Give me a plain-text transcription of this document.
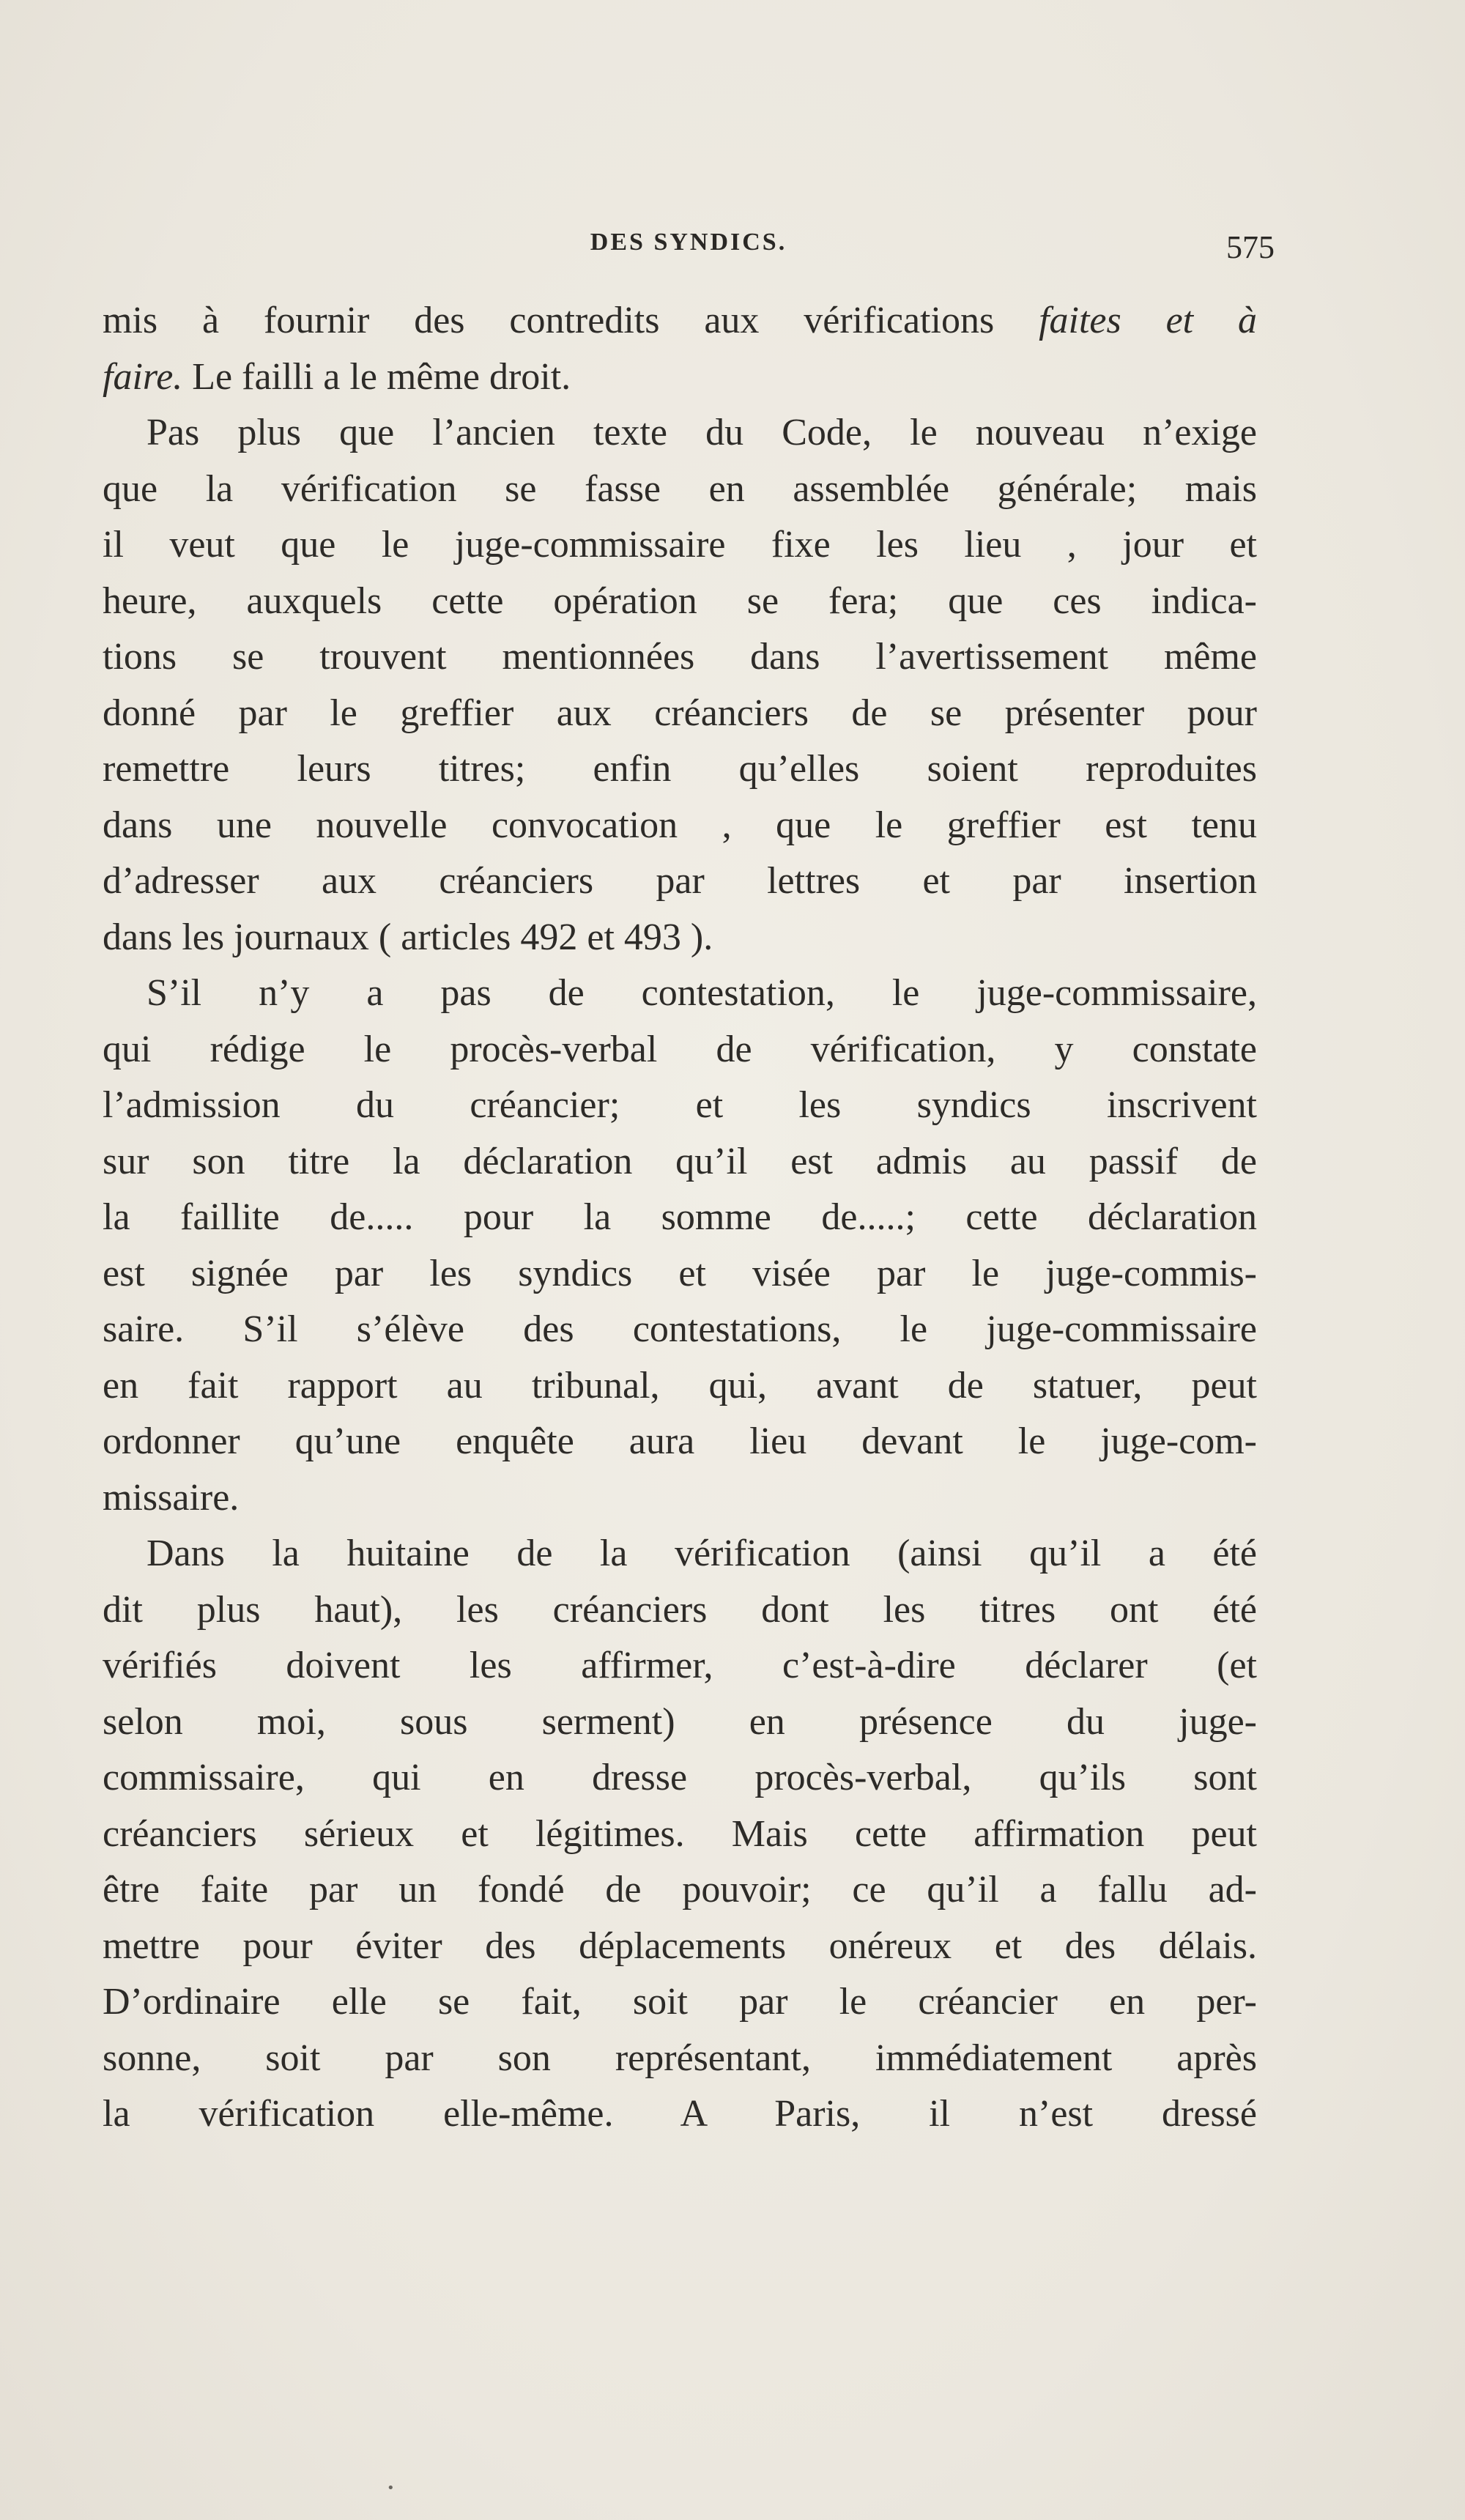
DES SYNDICS.	575
mis à fournir des contredits aux vérifications faites et à
faire. Le failli a le même droit.
Pas plus que l’ancien texte du Code, le nouveau n’exige
que la vérification se fasse en assemblée générale; mais
il veut que le juge-commissaire fixe les lieu , jour et
heure, auxquels cette opération se fera; que ces indica-
tions se trouvent mentionnées dans l’avertissement même
donné par le greffier aux créanciers de se présenter pour
remettre leurs titres; enfin qu’elles soient reproduites
dans une nouvelle convocation , que le greffier est tenu
d’adresser aux créanciers par lettres et par insertion
dans les journaux ( articles 492 et 493 ).
S’il n’y a pas de contestation, le juge-commissaire,
qui rédige le procès-verbal de vérification, y constate
l’admission du créancier; et les syndics inscrivent
sur son titre la déclaration qu’il est admis au passif de
la faillite de..... pour la somme de.....; cette déclaration
est signée par les syndics et visée par le juge-commis-
saire. S’il s’élève des contestations, le juge-commissaire
en fait rapport au tribunal, qui, avant de statuer, peut
ordonner qu’une enquête aura lieu devant le juge-com-
missaire.
Dans la huitaine de la vérification (ainsi qu’il a été
dit plus haut), les créanciers dont les titres ont été
vérifiés doivent les affirmer, c’est-à-dire déclarer (et
selon moi, sous serment) en présence du juge-
commissaire, qui en dresse procès-verbal, qu’ils sont
créanciers sérieux et légitimes. Mais cette affirmation peut
être faite par un fondé de pouvoir; ce qu’il a fallu ad-
mettre pour éviter des déplacements onéreux et des délais.
D’ordinaire elle se fait, soit par le créancier en per-
sonne, soit par son représentant, immédiatement après
la vérification elle-même. A Paris, il n’est dressé
•
